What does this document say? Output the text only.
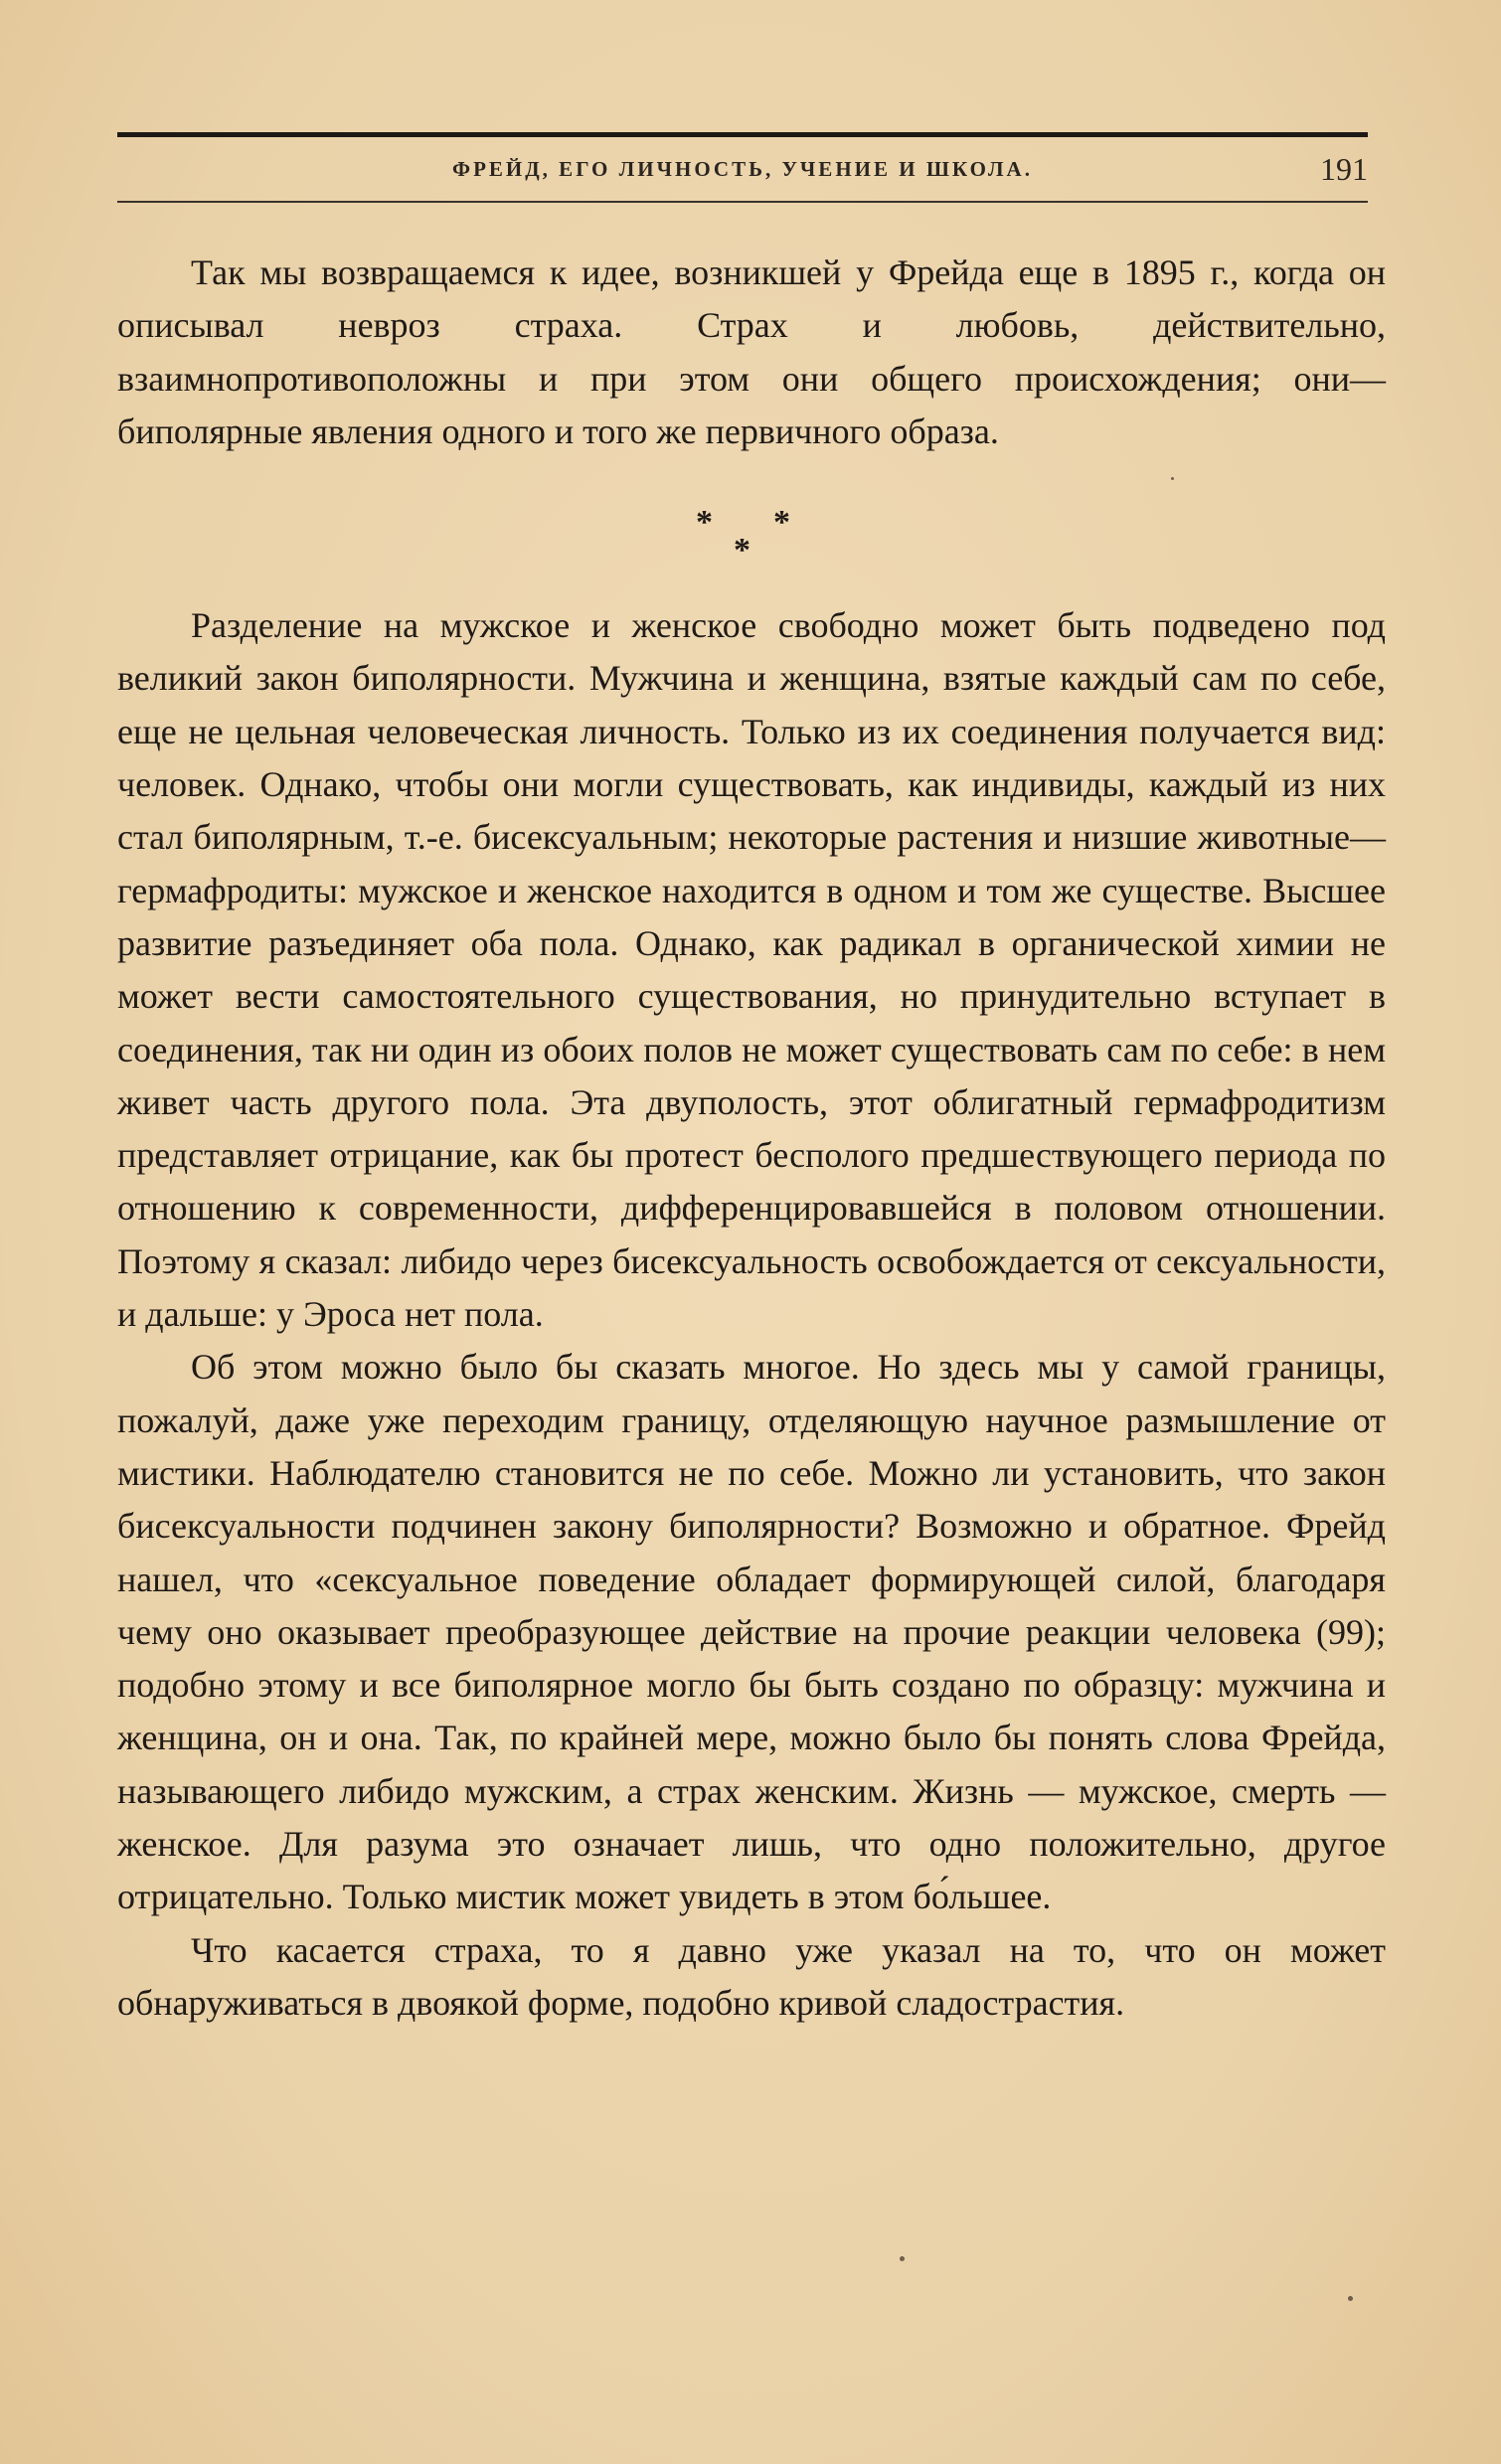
ФРЕЙД, ЕГО ЛИЧНОСТЬ, УЧЕНИЕ И ШКОЛА.	191

Так мы возвращаемся к идее, возникшей у Фрейда еще в 1895 г., когда он описывал невроз страха. Страх и любовь, действительно, взаимнопротивоположны и при этом они общего происхождения; они— биполярные явления одного и того же первичного образа.

*
*
*

Разделение на мужское и женское свободно может быть подведено под великий закон биполярности. Мужчина и женщина, взятые каждый сам по себе, еще не цельная человеческая личность. Только из их соединения получается вид: человек. Однако, чтобы они могли существовать, как индивиды, каждый из них стал биполярным, т.-е. бисексуальным; некоторые растения и низшие животные—гермафродиты: мужское и женское находится в одном и том же существе. Высшее развитие разъединяет оба пола. Однако, как радикал в органической химии не может вести самостоятельного существования, но принудительно вступает в соединения, так ни один из обоих полов не может существовать сам по себе: в нем живет часть другого пола. Эта двуполость, этот облигатный гермафродитизм представляет отрицание, как бы протест бесполого предшествующего периода по отношению к современности, дифференцировавшейся в половом отношении. Поэтому я сказал: либидо через бисексуальность освобождается от сексуальности, и дальше: у Эроса нет пола.

Об этом можно было бы сказать многое. Но здесь мы у самой границы, пожалуй, даже уже переходим границу, отделяющую научное размышление от мистики. Наблюдателю становится не по себе. Можно ли установить, что закон бисексуальности подчинен закону биполярности? Возможно и обратное. Фрейд нашел, что «сексуальное поведение обладает формирующей силой, благодаря чему оно оказывает преобразующее действие на прочие реакции человека (99); подобно этому и все биполярное могло бы быть создано по образцу: мужчина и женщина, он и она. Так, по крайней мере, можно было бы понять слова Фрейда, называющего либидо мужским, а страх женским. Жизнь — мужское, смерть — женское. Для разума это означает лишь, что одно положительно, другое отрицательно. Только мистик может увидеть в этом бо́льшее.

Что касается страха, то я давно уже указал на то, что он может обнаруживаться в двоякой форме, подобно кривой сладострастия.
